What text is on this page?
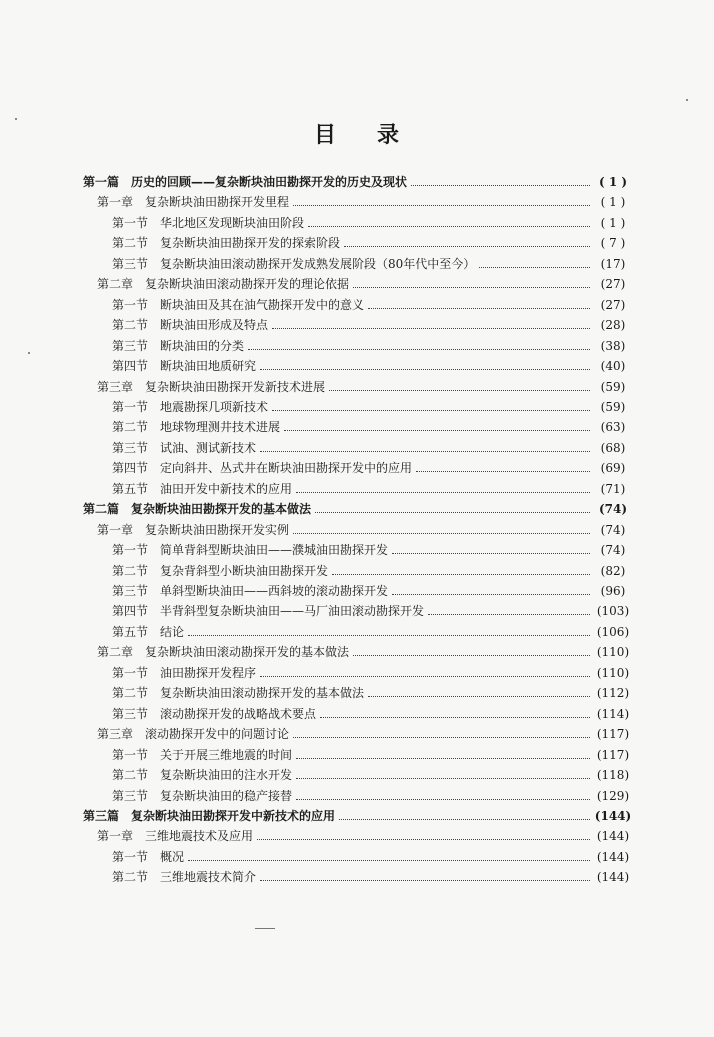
目 录
第一篇 历史的回顾——复杂断块油田勘探开发的历史及现状	( 1 )
第一章 复杂断块油田勘探开发里程	( 1 )
第一节 华北地区发现断块油田阶段	( 1 )
第二节 复杂断块油田勘探开发的探索阶段	( 7 )
第三节 复杂断块油田滚动勘探开发成熟发展阶段（80年代中至今）	(17)
第二章 复杂断块油田滚动勘探开发的理论依据	(27)
第一节 断块油田及其在油气勘探开发中的意义	(27)
第二节 断块油田形成及特点	(28)
第三节 断块油田的分类	(38)
第四节 断块油田地质研究	(40)
第三章 复杂断块油田勘探开发新技术进展	(59)
第一节 地震勘探几项新技术	(59)
第二节 地球物理测井技术进展	(63)
第三节 试油、测试新技术	(68)
第四节 定向斜井、丛式井在断块油田勘探开发中的应用	(69)
第五节 油田开发中新技术的应用	(71)
第二篇 复杂断块油田勘探开发的基本做法	(74)
第一章 复杂断块油田勘探开发实例	(74)
第一节 简单背斜型断块油田——濮城油田勘探开发	(74)
第二节 复杂背斜型小断块油田勘探开发	(82)
第三节 单斜型断块油田——西斜坡的滚动勘探开发	(96)
第四节 半背斜型复杂断块油田——马厂油田滚动勘探开发	(103)
第五节 结论	(106)
第二章 复杂断块油田滚动勘探开发的基本做法	(110)
第一节 油田勘探开发程序	(110)
第二节 复杂断块油田滚动勘探开发的基本做法	(112)
第三节 滚动勘探开发的战略战术要点	(114)
第三章 滚动勘探开发中的问题讨论	(117)
第一节 关于开展三维地震的时间	(117)
第二节 复杂断块油田的注水开发	(118)
第三节 复杂断块油田的稳产接替	(129)
第三篇 复杂断块油田勘探开发中新技术的应用	(144)
第一章 三维地震技术及应用	(144)
第一节 概况	(144)
第二节 三维地震技术简介	(144)
